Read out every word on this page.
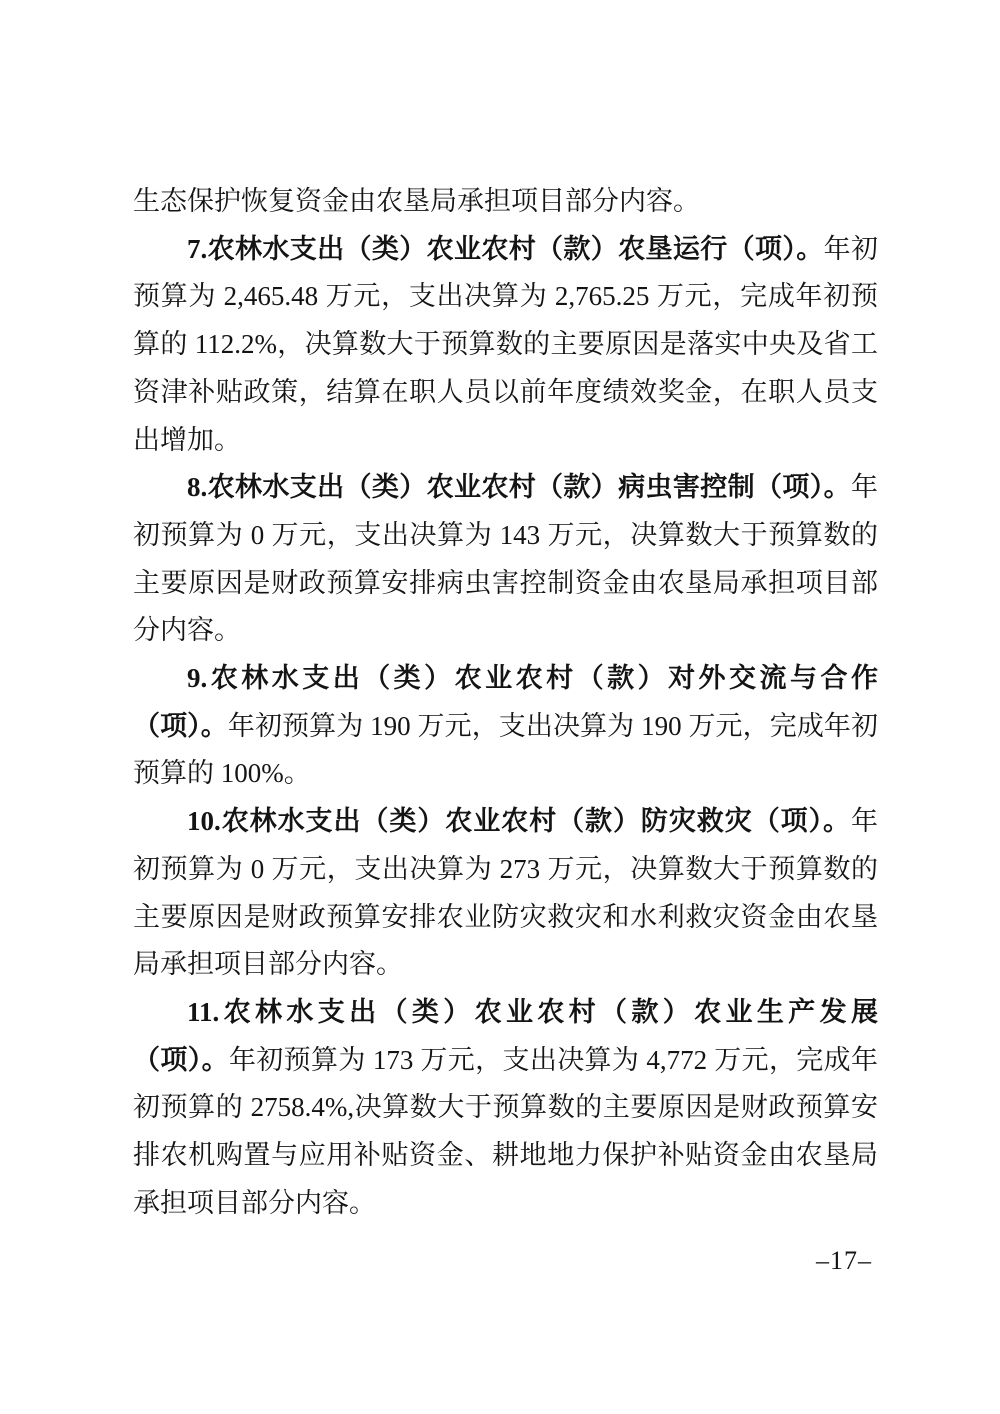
生态保护恢复资金由农垦局承担项目部分内容。

7.农林水支出（类）农业农村（款）农垦运行（项）。年初预算为 2,465.48 万元，支出决算为 2,765.25 万元，完成年初预算的 112.2%，决算数大于预算数的主要原因是落实中央及省工资津补贴政策，结算在职人员以前年度绩效奖金，在职人员支出增加。

8.农林水支出（类）农业农村（款）病虫害控制（项）。年初预算为 0 万元，支出决算为 143 万元，决算数大于预算数的主要原因是财政预算安排病虫害控制资金由农垦局承担项目部分内容。

9.农林水支出（类）农业农村（款）对外交流与合作（项）。年初预算为 190 万元，支出决算为 190 万元，完成年初预算的 100%。

10.农林水支出（类）农业农村（款）防灾救灾（项）。年初预算为 0 万元，支出决算为 273 万元，决算数大于预算数的主要原因是财政预算安排农业防灾救灾和水利救灾资金由农垦局承担项目部分内容。

11.农林水支出（类）农业农村（款）农业生产发展（项）。年初预算为 173 万元，支出决算为 4,772 万元，完成年初预算的 2758.4%,决算数大于预算数的主要原因是财政预算安排农机购置与应用补贴资金、耕地地力保护补贴资金由农垦局承担项目部分内容。

–17–
